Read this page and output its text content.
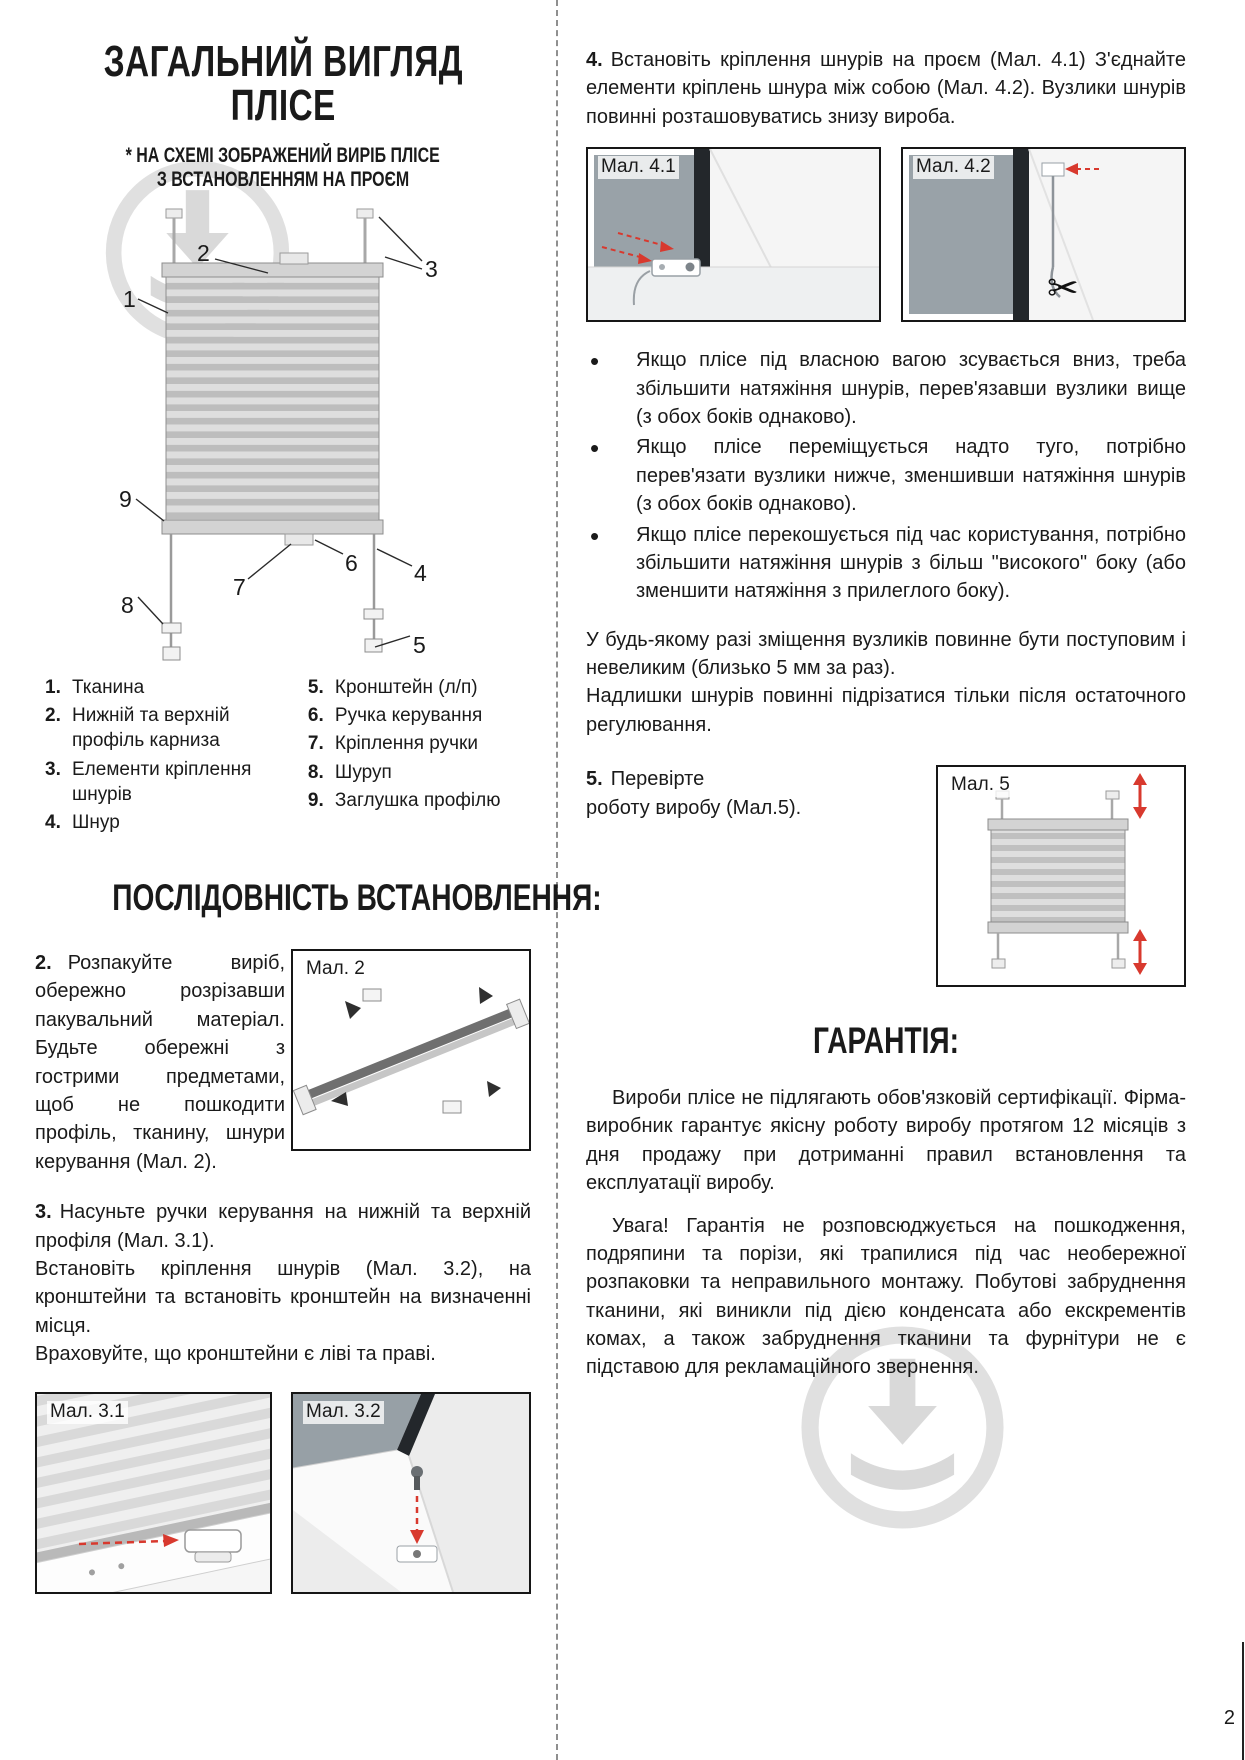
ЗАГАЛЬНИЙ ВИГЛЯД
ПЛІСЕ
* НА СХЕМІ ЗОБРАЖЕНИЙ ВИРІБ ПЛІСЕ
З ВСТАНОВЛЕННЯМ НА ПРОЄМ
1
2
3
4
5
6
7
8
9
1. Тканина
2. Нижній та верхній профіль карниза
3. Елементи кріплення шнурів
4. Шнур
5. Кронштейн (л/п)
6. Ручка керування
7. Кріплення ручки
8. Шуруп
9. Заглушка профілю
ПОСЛІДОВНІСТЬ ВСТАНОВЛЕННЯ:

2. Розпакуйте виріб, обережно розрізавши пакувальний матеріал. Будьте обережні з гострими предметами, щоб не пошкодити профіль, тканину, шнури керування (Мал. 2).

Мал. 2

3. Насуньте ручки керування на нижній та верхній профіля (Мал. 3.1).

Встановіть кріплення шнурів (Мал. 3.2), на кронштейни та встановіть кронштейн на визначенні місця.

Враховуйте, що кронштейни є ліві та праві.

Мал. 3.1	Мал. 3.2

4. Встановіть кріплення шнурів на проєм (Мал. 4.1) З'єднайте елементи кріплень шнура між собою (Мал. 4.2). Вузлики шнурів повинні розташовуватись знизу вироба.

Мал. 4.1	Мал. 4.2
✂
• Якщо плісе під власною вагою зсувається вниз, треба збільшити натяжіння шнурів, перев'язавши вузлики вище (з обох боків однаково).
• Якщо плісе переміщується надто туго, потрібно перев'язати вузлики нижче, зменшивши натяжіння шнурів (з обох боків однаково).
• Якщо плісе перекошується під час користування, потрібно збільшити натяжіння шнурів з більш "високого" боку (або зменшити натяжіння з прилеглого боку).

У будь-якому разі зміщення вузликів повинне бути поступовим і невеликим (близько 5 мм за раз).

Надлишки шнурів повинні підрізатися тільки після остаточного регулювання.

5. Перевірте
роботу виробу (Мал.5).
Мал. 5
ГАРАНТІЯ:

Вироби плісе не підлягають обов'язковій сертифікації. Фірма-виробник гарантує якісну роботу виробу протягом 12 місяців з дня продажу при дотриманні правил встановлення та експлуатації виробу.

Увага! Гарантія не розповсюджується на пошкодження, подряпини та порізи, які трапилися під час необережної розпаковки та неправильного монтажу. Побутові забруднення тканини, які виникли під дією конденсата або екскрементів комах, а також забруднення тканини та фурнітури не є підставою для рекламаційного звернення.

2
